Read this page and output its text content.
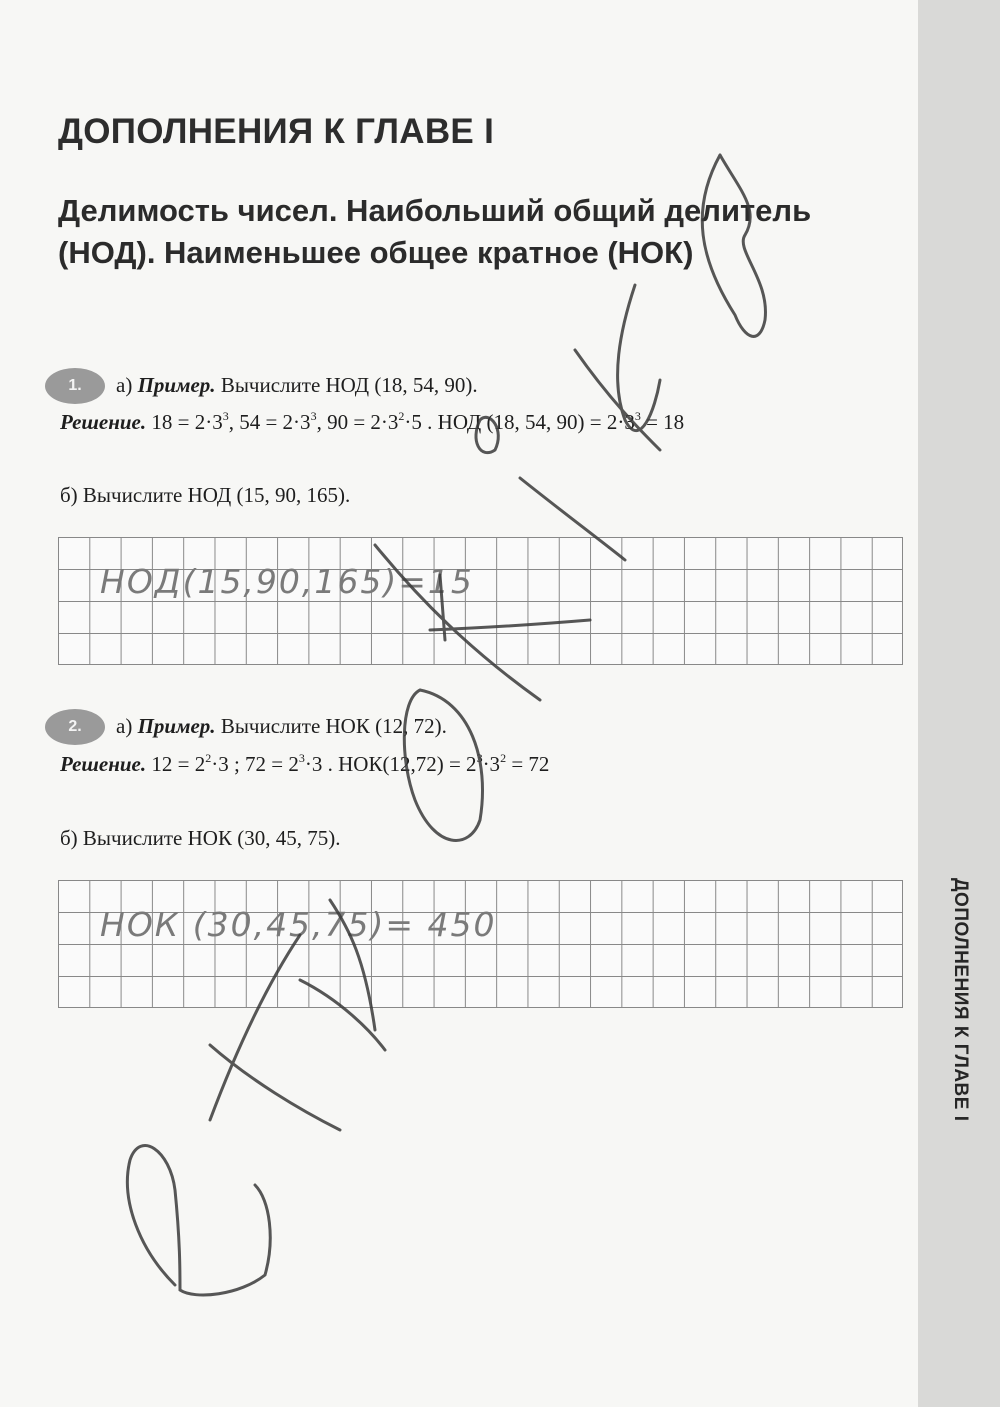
ДОПОЛНЕНИЯ К ГЛАВЕ I
ДОПОЛНЕНИЯ К ГЛАВЕ I
Делимость чисел. Наибольший общий делитель (НОД). Наименьшее общее кратное (НОК)
1.	а) Пример. Вычислите НОД (18, 54, 90).
Решение. $18 = 2\cdot 3^3$, $54 = 2\cdot 3^3$, $90 = 2\cdot 3^2\cdot 5$ . НОД (18, 54, $90) = 2\cdot 3^3 = 18$
б) Вычислите НОД (15, 90, 165).
НОД(15,90,165)=15
2.	а) Пример. Вычислите НОК (12, 72).
Решение. $12 = 2^2\cdot 3$ ; $72 = 2^3\cdot 3$ . $НОК(12,72) = 2^3\cdot 3^2 = 72$
б) Вычислите НОК (30, 45, 75).
НОК (30,45,75)= 450
